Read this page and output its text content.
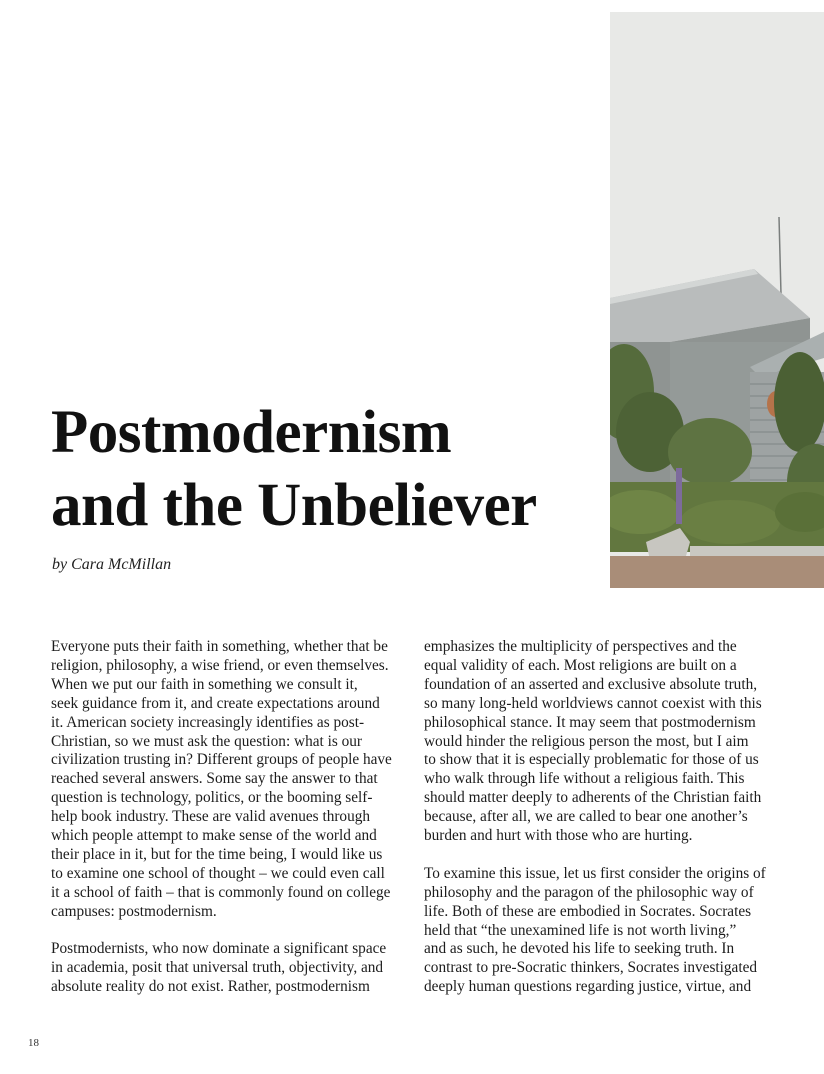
Postmodernism
and the Unbeliever
by Cara McMillan
Everyone puts their faith in something, whether that be
religion, philosophy, a wise friend, or even themselves.
When we put our faith in something we consult it,
seek guidance from it, and create expectations around
it. American society increasingly identifies as post-
Christian, so we must ask the question: what is our
civilization trusting in? Different groups of people have
reached several answers. Some say the answer to that
question is technology, politics, or the booming self-
help book industry. These are valid avenues through
which people attempt to make sense of the world and
their place in it, but for the time being, I would like us
to examine one school of thought – we could even call
it a school of faith – that is commonly found on college
campuses: postmodernism.
Postmodernists, who now dominate a significant space
in academia, posit that universal truth, objectivity, and
absolute reality do not exist. Rather, postmodernism
emphasizes the multiplicity of perspectives and the
equal validity of each. Most religions are built on a
foundation of an asserted and exclusive absolute truth,
so many long-held worldviews cannot coexist with this
philosophical stance. It may seem that postmodernism
would hinder the religious person the most, but I aim
to show that it is especially problematic for those of us
who walk through life without a religious faith. This
should matter deeply to adherents of the Christian faith
because, after all, we are called to bear one another’s
burden and hurt with those who are hurting.
To examine this issue, let us first consider the origins of
philosophy and the paragon of the philosophic way of
life. Both of these are embodied in Socrates. Socrates
held that “the unexamined life is not worth living,”
and as such, he devoted his life to seeking truth. In
contrast to pre-Socratic thinkers, Socrates investigated
deeply human questions regarding justice, virtue, and
18
